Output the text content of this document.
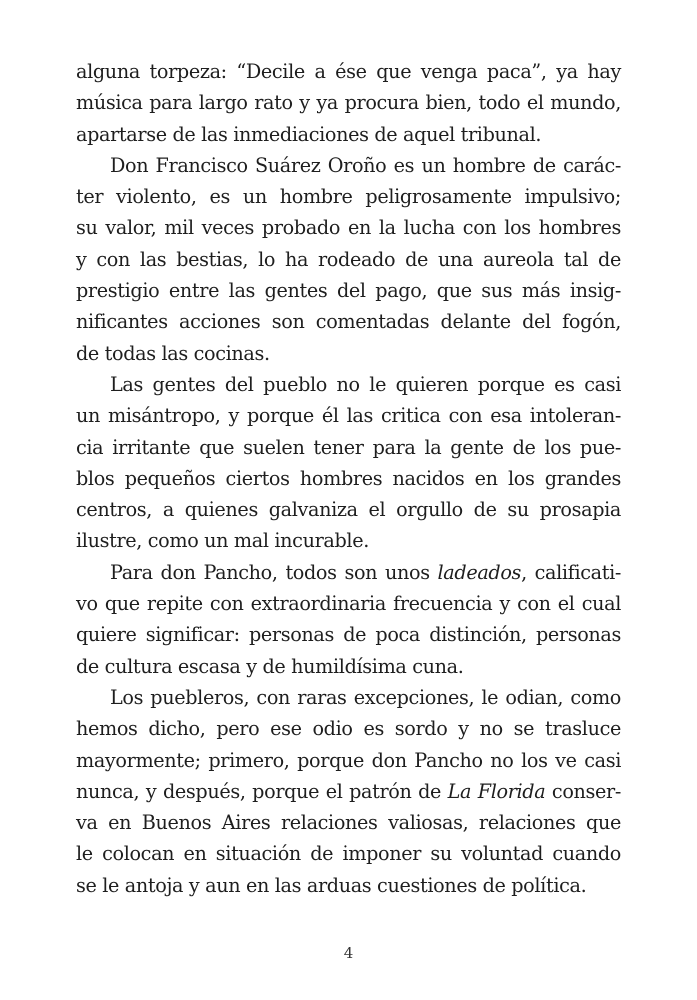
alguna torpeza: “Decile a ése que venga paca”, ya hay
música para largo rato y ya procura bien, todo el mundo,
apartarse de las inmediaciones de aquel tribunal.
Don Francisco Suárez Oroño es un hombre de carác-
ter violento, es un hombre peligrosamente impulsivo;
su valor, mil veces probado en la lucha con los hombres
y con las bestias, lo ha rodeado de una aureola tal de
prestigio entre las gentes del pago, que sus más insig-
nificantes acciones son comentadas delante del fogón,
de todas las cocinas.
Las gentes del pueblo no le quieren porque es casi
un misántropo, y porque él las critica con esa intoleran-
cia irritante que suelen tener para la gente de los pue-
blos pequeños ciertos hombres nacidos en los grandes
centros, a quienes galvaniza el orgullo de su prosapia
ilustre, como un mal incurable.
Para don Pancho, todos son unos ladeados, calificati-
vo que repite con extraordinaria frecuencia y con el cual
quiere significar: personas de poca distinción, personas
de cultura escasa y de humildísima cuna.
Los puebleros, con raras excepciones, le odian, como
hemos dicho, pero ese odio es sordo y no se trasluce
mayormente; primero, porque don Pancho no los ve casi
nunca, y después, porque el patrón de La Florida conser-
va en Buenos Aires relaciones valiosas, relaciones que
le colocan en situación de imponer su voluntad cuando
se le antoja y aun en las arduas cuestiones de política.
4
